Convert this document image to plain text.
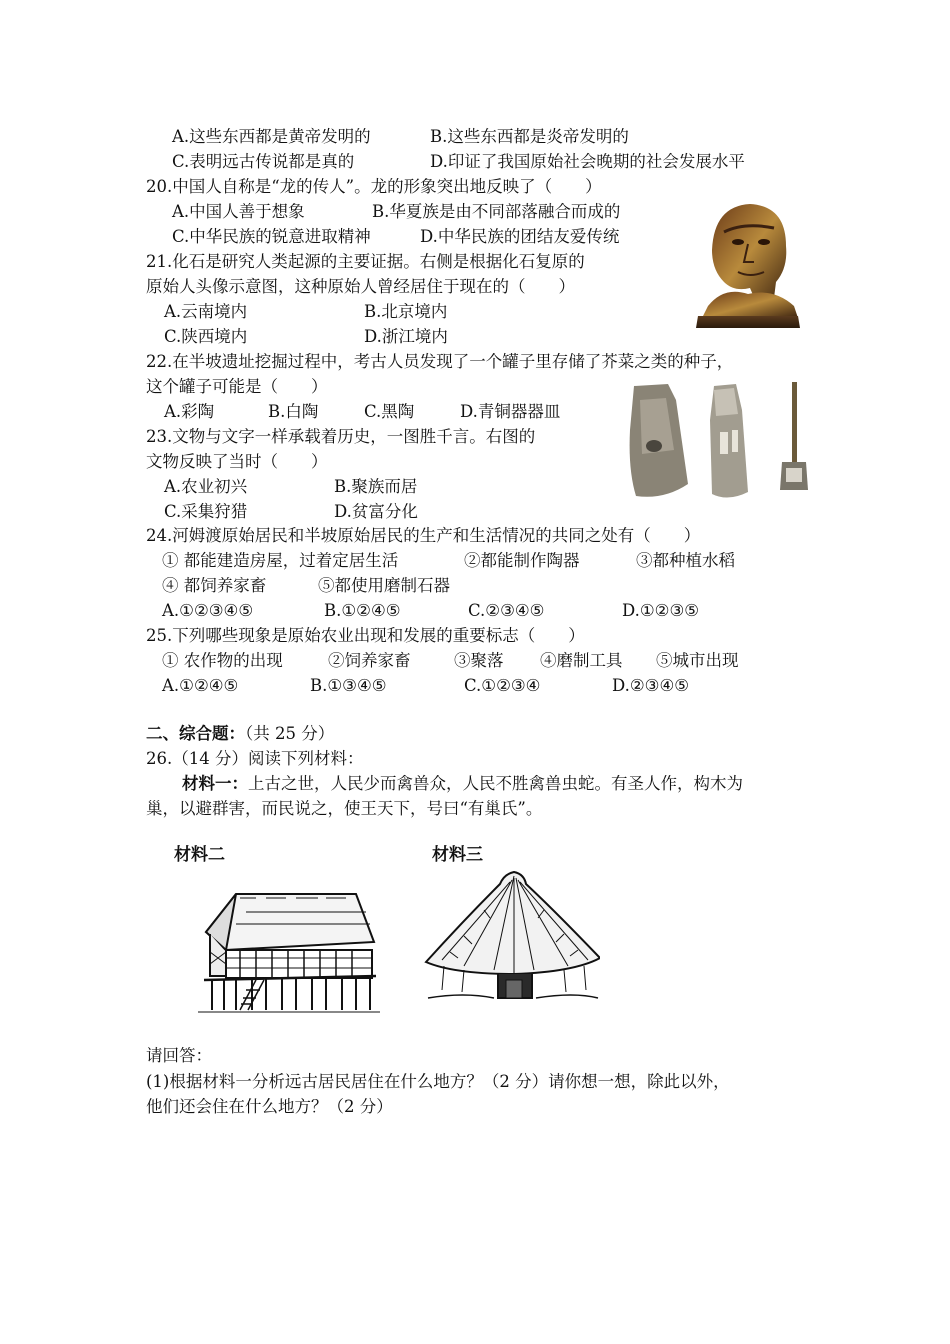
A.这些东西都是黄帝发明的	B.这些东西都是炎帝发明的
C.表明远古传说都是真的	D.印证了我国原始社会晚期的社会发展水平
20.中国人自称是“龙的传人”。龙的形象突出地反映了（　　）
A.中国人善于想象	B.华夏族是由不同部落融合而成的
C.中华民族的锐意进取精神	D.中华民族的团结友爱传统
21.化石是研究人类起源的主要证据。右侧是根据化石复原的
原始人头像示意图，这种原始人曾经居住于现在的（　　）
A.云南境内	B.北京境内
C.陕西境内	D.浙江境内
22.在半坡遗址挖掘过程中，考古人员发现了一个罐子里存储了芥菜之类的种子，
这个罐子可能是（　　）
A.彩陶	B.白陶	C.黑陶	D.青铜器器皿
23.文物与文字一样承载着历史，一图胜千言。右图的
文物反映了当时（　　）
A.农业初兴	B.聚族而居
C.采集狩猎	D.贫富分化
24.河姆渡原始居民和半坡原始居民的生产和生活情况的共同之处有（　　）
① 都能建造房屋，过着定居生活	②都能制作陶器	③都种植水稻
④ 都饲养家畜	⑤都使用磨制石器
A.①②③④⑤	B.①②④⑤	C.②③④⑤	D.①②③⑤
25.下列哪些现象是原始农业出现和发展的重要标志（　　）
① 农作物的出现	②饲养家畜	③聚落 ④磨制工具 ⑤城市出现
A.①②④⑤	B.①③④⑤	C.①②③④	D.②③④⑤
二、综合题：（共 25 分）
26.（14 分）阅读下列材料：
材料一：上古之世，人民少而禽兽众，人民不胜禽兽虫蛇。有圣人作，构木为
巢，以避群害，而民说之，使王天下，号曰“有巢氏”。
材料二	材料三
请回答：
(1)根据材料一分析远古居民居住在什么地方？（2 分）请你想一想，除此以外，
他们还会住在什么地方？（2 分）
